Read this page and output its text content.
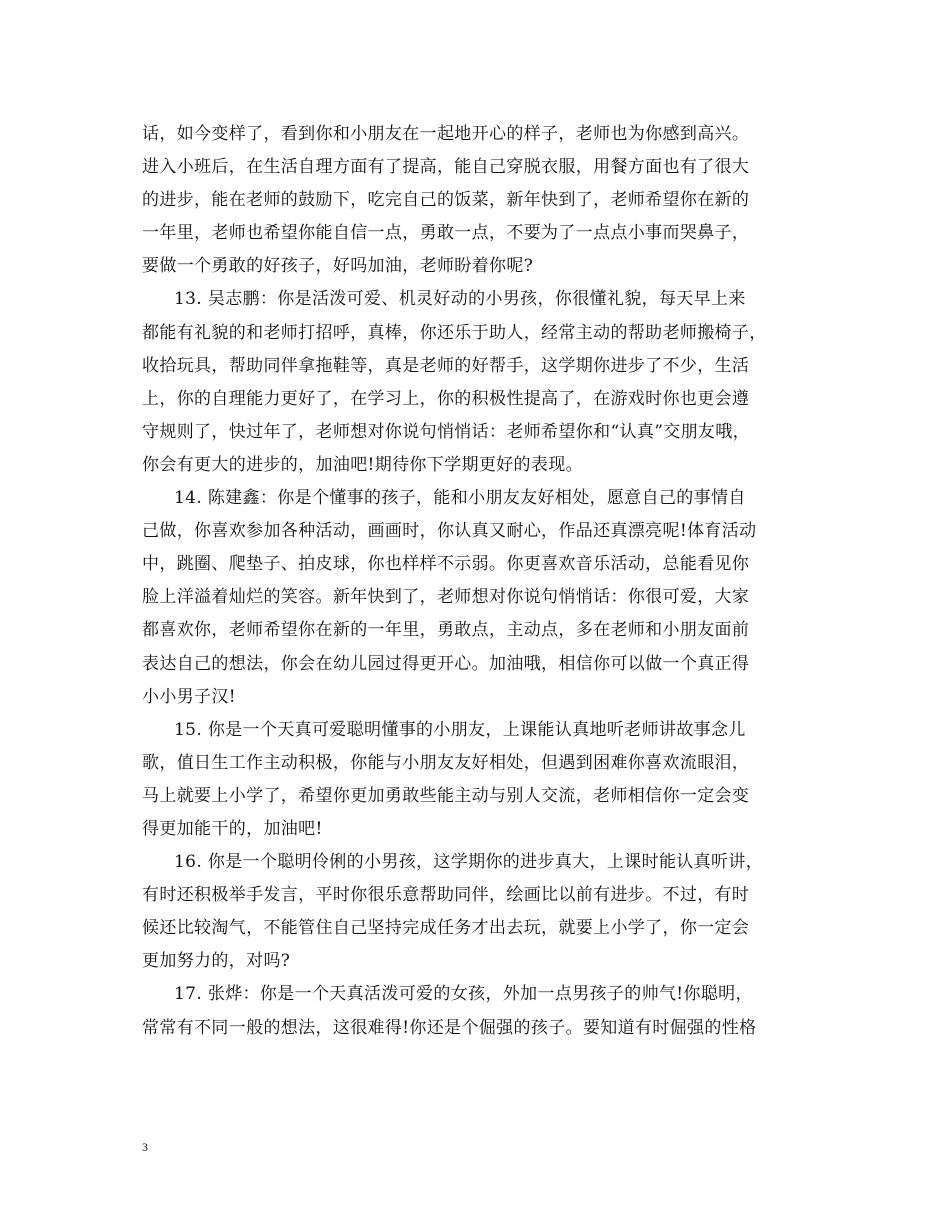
话，如今变样了，看到你和小朋友在一起地开心的样子，老师也为你感到高兴。
进入小班后，在生活自理方面有了提高，能自己穿脱衣服，用餐方面也有了很大
的进步，能在老师的鼓励下，吃完自己的饭菜，新年快到了，老师希望你在新的
一年里，老师也希望你能自信一点，勇敢一点，不要为了一点点小事而哭鼻子，
要做一个勇敢的好孩子，好吗加油，老师盼着你呢?
13. 吴志鹏：你是活泼可爱、机灵好动的小男孩，你很懂礼貌，每天早上来
都能有礼貌的和老师打招呼，真棒，你还乐于助人，经常主动的帮助老师搬椅子，
收拾玩具，帮助同伴拿拖鞋等，真是老师的好帮手，这学期你进步了不少，生活
上，你的自理能力更好了，在学习上，你的积极性提高了，在游戏时你也更会遵
守规则了，快过年了，老师想对你说句悄悄话：老师希望你和“认真”交朋友哦，
你会有更大的进步的，加油吧!期待你下学期更好的表现。
14. 陈建鑫：你是个懂事的孩子，能和小朋友友好相处，愿意自己的事情自
己做，你喜欢参加各种活动，画画时，你认真又耐心，作品还真漂亮呢!体育活动
中，跳圈、爬垫子、拍皮球，你也样样不示弱。你更喜欢音乐活动，总能看见你
脸上洋溢着灿烂的笑容。新年快到了，老师想对你说句悄悄话：你很可爱，大家
都喜欢你，老师希望你在新的一年里，勇敢点，主动点，多在老师和小朋友面前
表达自己的想法，你会在幼儿园过得更开心。加油哦，相信你可以做一个真正得
小小男子汉!
15. 你是一个天真可爱聪明懂事的小朋友，上课能认真地听老师讲故事念儿
歌，值日生工作主动积极，你能与小朋友友好相处，但遇到困难你喜欢流眼泪，
马上就要上小学了，希望你更加勇敢些能主动与别人交流，老师相信你一定会变
得更加能干的，加油吧!
16. 你是一个聪明伶俐的小男孩，这学期你的进步真大，上课时能认真听讲，
有时还积极举手发言，平时你很乐意帮助同伴，绘画比以前有进步。不过，有时
候还比较淘气，不能管住自己坚持完成任务才出去玩，就要上小学了，你一定会
更加努力的，对吗?
17. 张烨：你是一个天真活泼可爱的女孩，外加一点男孩子的帅气!你聪明，
常常有不同一般的想法，这很难得!你还是个倔强的孩子。要知道有时倔强的性格
3
